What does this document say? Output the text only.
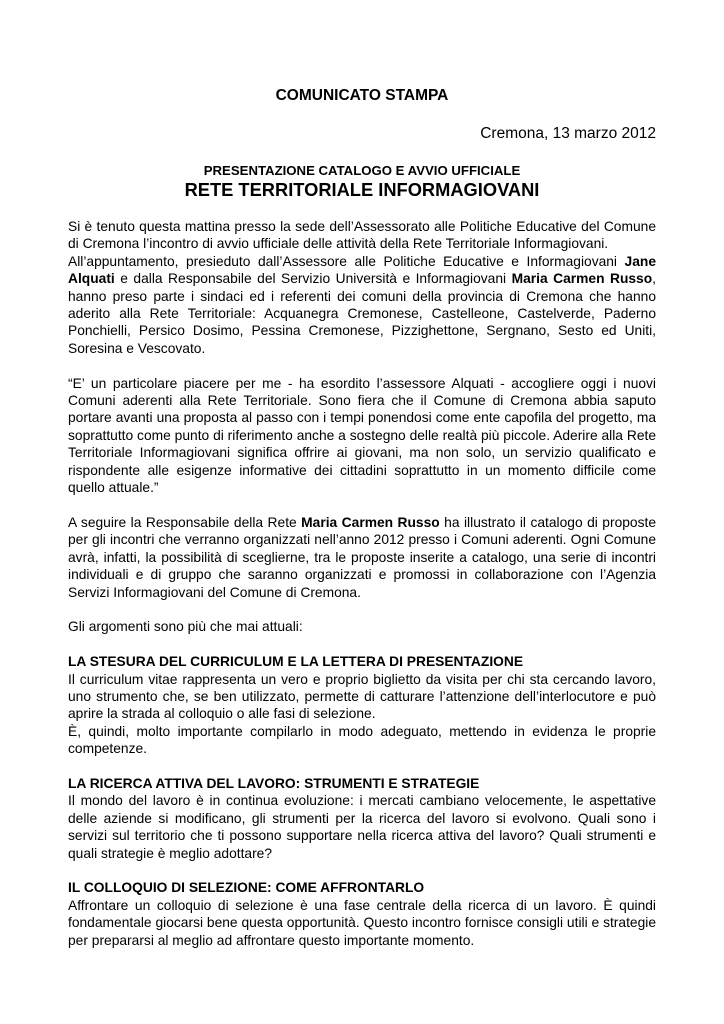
COMUNICATO STAMPA
Cremona, 13 marzo 2012
PRESENTAZIONE CATALOGO E AVVIO UFFICIALE
RETE TERRITORIALE INFORMAGIOVANI

Si è tenuto questa mattina presso la sede dell’Assessorato alle Politiche Educative del Comune di Cremona l’incontro di avvio ufficiale delle attività della Rete Territoriale Informagiovani.

All’appuntamento, presieduto dall’Assessore alle Politiche Educative e Informagiovani Jane Alquati e dalla Responsabile del Servizio Università e Informagiovani Maria Carmen Russo, hanno preso parte i sindaci ed i referenti dei comuni della provincia di Cremona che hanno aderito alla Rete Territoriale: Acquanegra Cremonese, Castelleone, Castelverde, Paderno Ponchielli, Persico Dosimo, Pessina Cremonese, Pizzighettone, Sergnano, Sesto ed Uniti, Soresina e Vescovato.

“E’ un particolare piacere per me - ha esordito l’assessore Alquati - accogliere oggi i nuovi Comuni aderenti alla Rete Territoriale. Sono fiera che il Comune di Cremona abbia saputo portare avanti una proposta al passo con i tempi ponendosi come ente capofila del progetto, ma soprattutto come punto di riferimento anche a sostegno delle realtà più piccole. Aderire alla Rete Territoriale Informagiovani significa offrire ai giovani, ma non solo, un servizio qualificato e rispondente alle esigenze informative dei cittadini soprattutto in un momento difficile come quello attuale.”

A seguire la Responsabile della Rete Maria Carmen Russo ha illustrato il catalogo di proposte per gli incontri che verranno organizzati nell’anno 2012 presso i Comuni aderenti. Ogni Comune avrà, infatti, la possibilità di sceglierne, tra le proposte inserite a catalogo, una serie di incontri individuali e di gruppo che saranno organizzati e promossi in collaborazione con l’Agenzia Servizi Informagiovani del Comune di Cremona.

Gli argomenti sono più che mai attuali:

LA STESURA DEL CURRICULUM E LA LETTERA DI PRESENTAZIONE

Il curriculum vitae rappresenta un vero e proprio biglietto da visita per chi sta cercando lavoro, uno strumento che, se ben utilizzato, permette di catturare l’attenzione dell’interlocutore e può aprire la strada al colloquio o alle fasi di selezione.

È, quindi, molto importante compilarlo in modo adeguato, mettendo in evidenza le proprie competenze.

LA RICERCA ATTIVA DEL LAVORO: STRUMENTI E STRATEGIE

Il mondo del lavoro è in continua evoluzione: i mercati cambiano velocemente, le aspettative delle aziende si modificano, gli strumenti per la ricerca del lavoro si evolvono. Quali sono i servizi sul territorio che ti possono supportare nella ricerca attiva del lavoro? Quali strumenti e quali strategie è meglio adottare?

IL COLLOQUIO DI SELEZIONE: COME AFFRONTARLO

Affrontare un colloquio di selezione è una fase centrale della ricerca di un lavoro. È quindi fondamentale giocarsi bene questa opportunità. Questo incontro fornisce consigli utili e strategie per prepararsi al meglio ad affrontare questo importante momento.
